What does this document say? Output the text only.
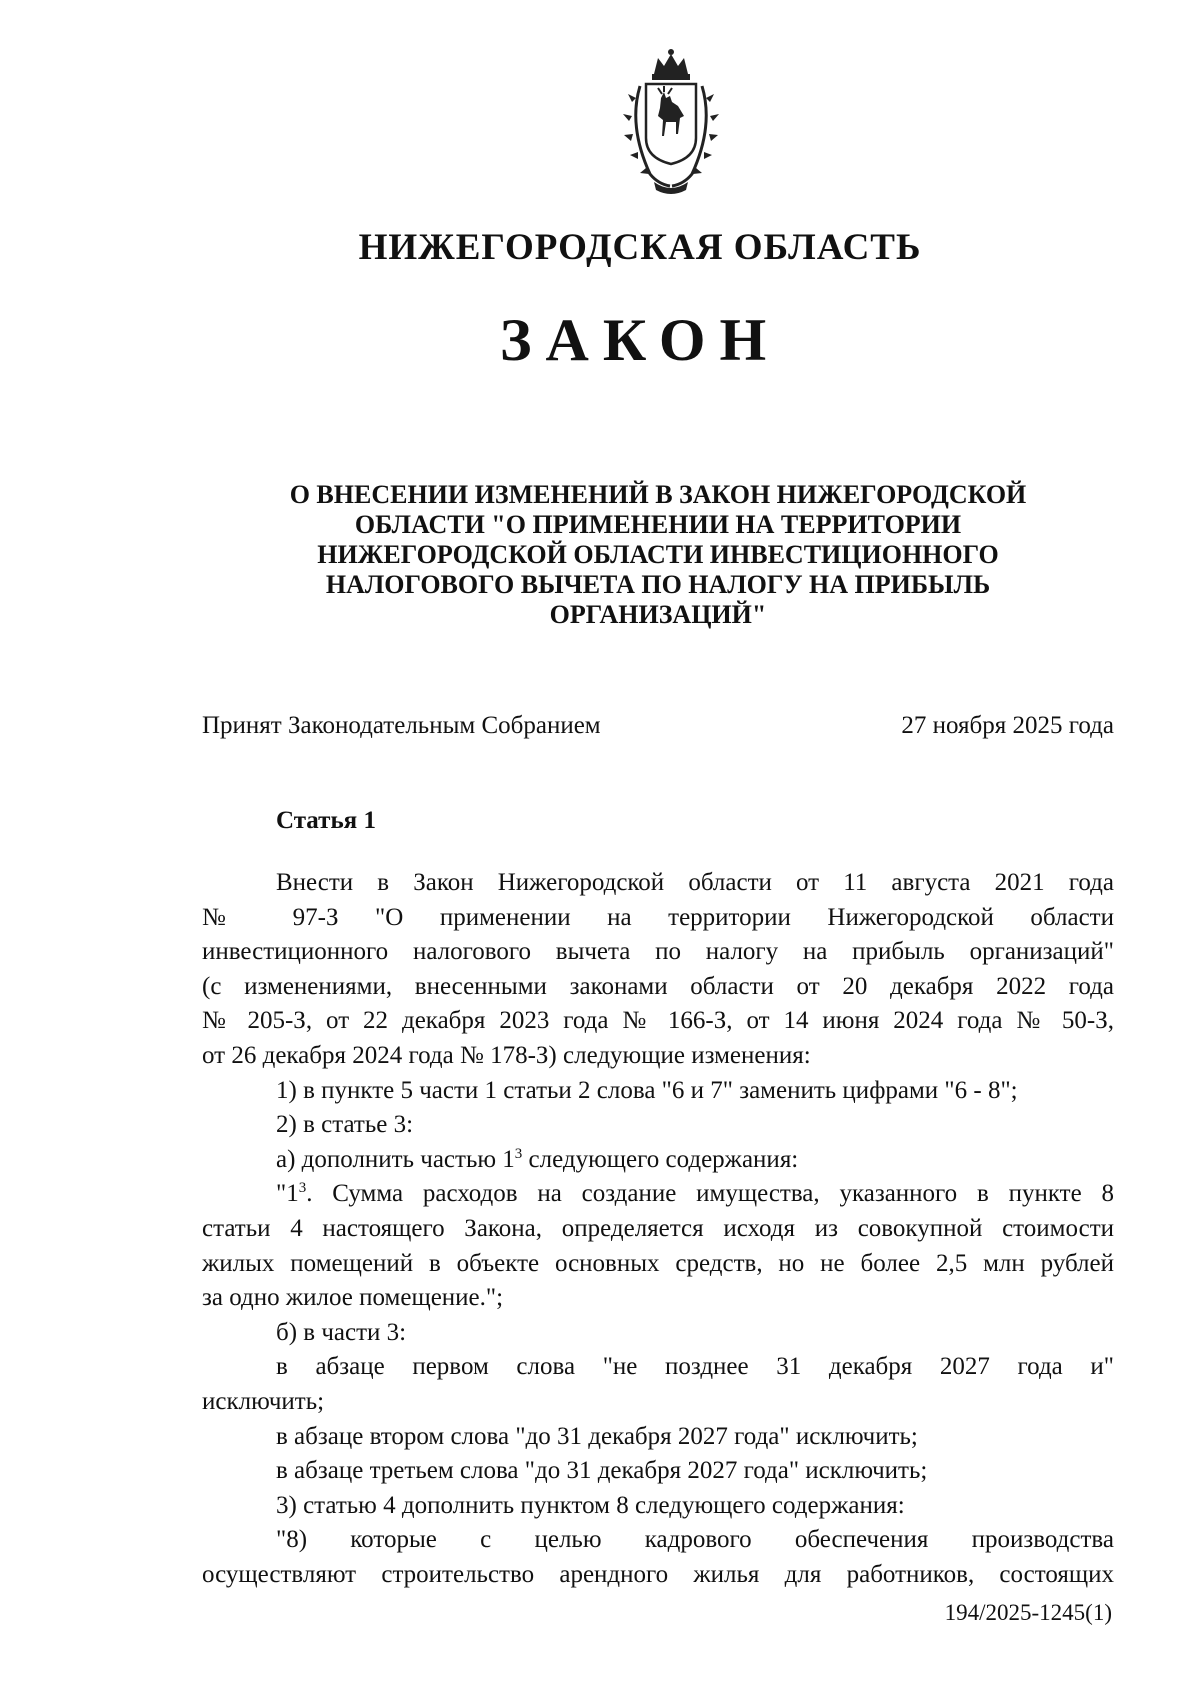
НИЖЕГОРОДСКАЯ ОБЛАСТЬ
ЗАКОН
О ВНЕСЕНИИ ИЗМЕНЕНИЙ В ЗАКОН НИЖЕГОРОДСКОЙ
ОБЛАСТИ "О ПРИМЕНЕНИИ НА ТЕРРИТОРИИ
НИЖЕГОРОДСКОЙ ОБЛАСТИ ИНВЕСТИЦИОННОГО
НАЛОГОВОГО ВЫЧЕТА ПО НАЛОГУ НА ПРИБЫЛЬ
ОРГАНИЗАЦИЙ"
Принят Законодательным Собранием	27 ноября 2025 года
Статья 1
Внести в Закон Нижегородской области от 11 августа 2021 года
№ 97-З "О применении на территории Нижегородской области
инвестиционного налогового вычета по налогу на прибыль организаций"
(с изменениями, внесенными законами области от 20 декабря 2022 года
№ 205-З, от 22 декабря 2023 года № 166-З, от 14 июня 2024 года № 50-З,
от 26 декабря 2024 года № 178-З) следующие изменения:
1) в пункте 5 части 1 статьи 2 слова "6 и 7" заменить цифрами "6 - 8";
2) в статье 3:
а) дополнить частью $1^3$ следующего содержания:
"$1^3$. Сумма расходов на создание имущества, указанного в пункте 8
статьи 4 настоящего Закона, определяется исходя из совокупной стоимости
жилых помещений в объекте основных средств, но не более 2,5 млн рублей
за одно жилое помещение.";
б) в части 3:
в абзаце первом слова "не позднее 31 декабря 2027 года и"
исключить;
в абзаце втором слова "до 31 декабря 2027 года" исключить;
в абзаце третьем слова "до 31 декабря 2027 года" исключить;
3) статью 4 дополнить пунктом 8 следующего содержания:
"8) которые с целью кадрового обеспечения производства
осуществляют строительство арендного жилья для работников, состоящих
194/2025-1245(1)
